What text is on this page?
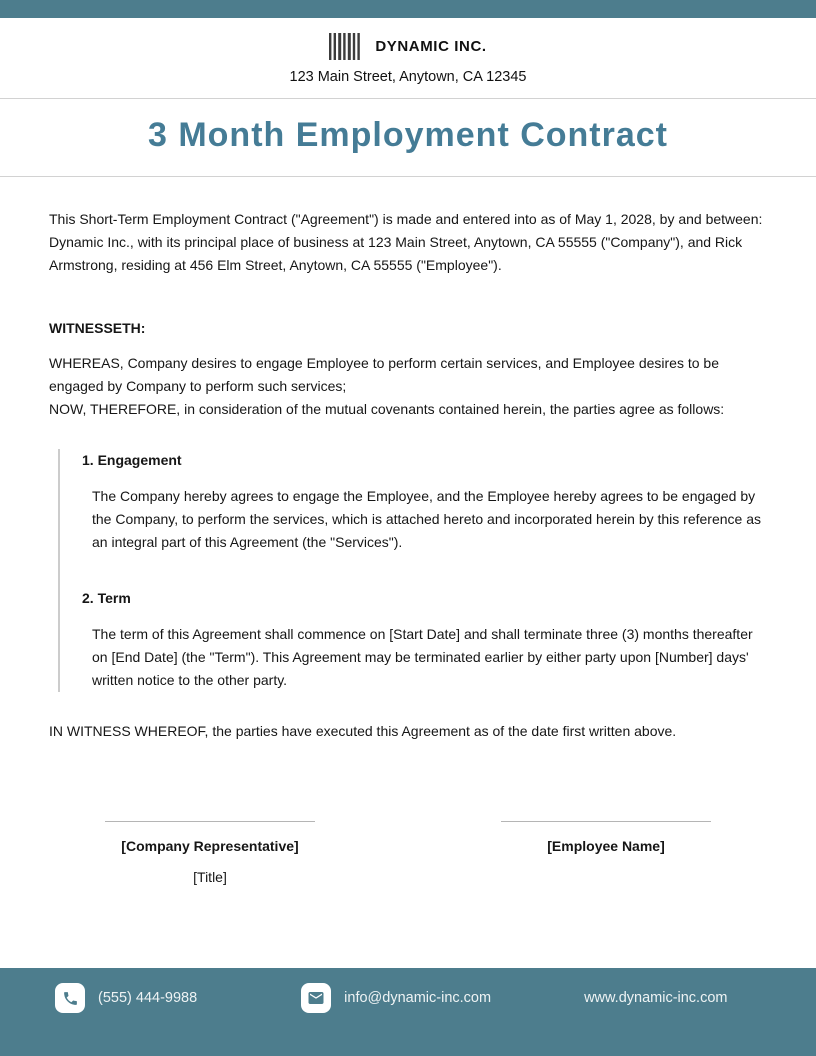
DYNAMIC INC.
123 Main Street, Anytown, CA 12345
3 Month Employment Contract
This Short-Term Employment Contract ("Agreement") is made and entered into as of May 1, 2028, by and between:
Dynamic Inc., with its principal place of business at 123 Main Street, Anytown, CA 55555 ("Company"), and Rick Armstrong, residing at 456 Elm Street, Anytown, CA 55555 ("Employee").
WITNESSETH:
WHEREAS, Company desires to engage Employee to perform certain services, and Employee desires to be engaged by Company to perform such services;
NOW, THEREFORE, in consideration of the mutual covenants contained herein, the parties agree as follows:
1. Engagement

The Company hereby agrees to engage the Employee, and the Employee hereby agrees to be engaged by the Company, to perform the services, which is attached hereto and incorporated herein by this reference as an integral part of this Agreement (the "Services").

2. Term

The term of this Agreement shall commence on [Start Date] and shall terminate three (3) months thereafter on [End Date] (the "Term"). This Agreement may be terminated earlier by either party upon [Number] days' written notice to the other party.

IN WITNESS WHEREOF, the parties have executed this Agreement as of the date first written above.

[Company Representative]
[Title]
[Employee Name]
(555) 444-9988	info@dynamic-inc.com	www.dynamic-inc.com
